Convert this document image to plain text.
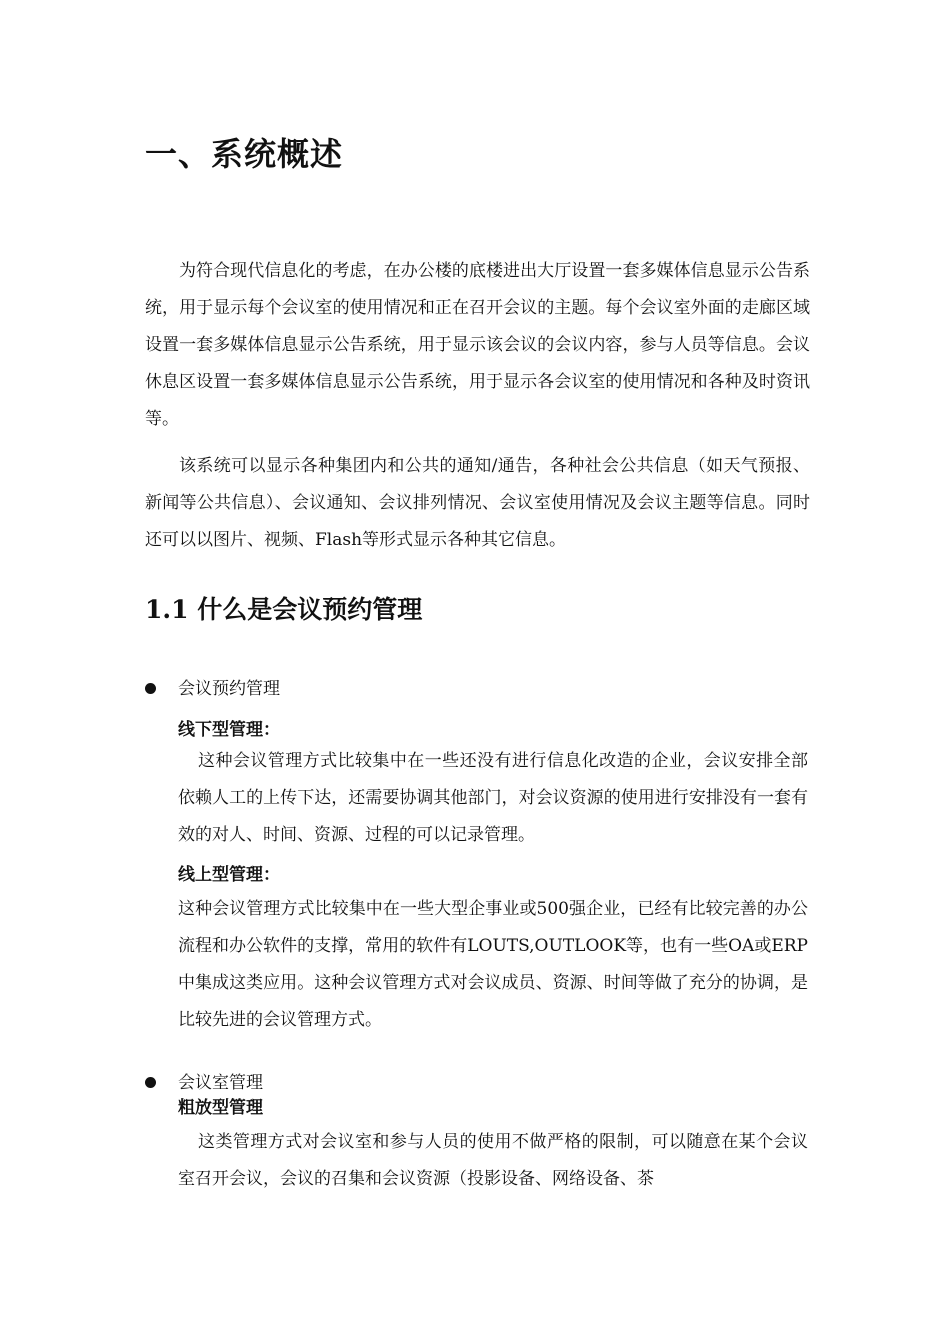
一、系统概述

为符合现代信息化的考虑，在办公楼的底楼进出大厅设置一套多媒体信息显示公告系统，用于显示每个会议室的使用情况和正在召开会议的主题。每个会议室外面的走廊区域设置一套多媒体信息显示公告系统，用于显示该会议的会议内容，参与人员等信息。会议休息区设置一套多媒体信息显示公告系统，用于显示各会议室的使用情况和各种及时资讯等。

该系统可以显示各种集团内和公共的通知/通告，各种社会公共信息（如天气预报、新闻等公共信息）、会议通知、会议排列情况、会议室使用情况及会议主题等信息。同时还可以以图片、视频、Flash等形式显示各种其它信息。

1.1 什么是会议预约管理
会议预约管理
线下型管理：

这种会议管理方式比较集中在一些还没有进行信息化改造的企业，会议安排全部依赖人工的上传下达，还需要协调其他部门，对会议资源的使用进行安排没有一套有效的对人、时间、资源、过程的可以记录管理。

线上型管理：

这种会议管理方式比较集中在一些大型企事业或500强企业，已经有比较完善的办公流程和办公软件的支撑，常用的软件有LOUTS,OUTLOOK等，也有一些OA或ERP中集成这类应用。这种会议管理方式对会议成员、资源、时间等做了充分的协调，是比较先进的会议管理方式。

会议室管理
粗放型管理

这类管理方式对会议室和参与人员的使用不做严格的限制，可以随意在某个会议室召开会议，会议的召集和会议资源（投影设备、网络设备、茶
